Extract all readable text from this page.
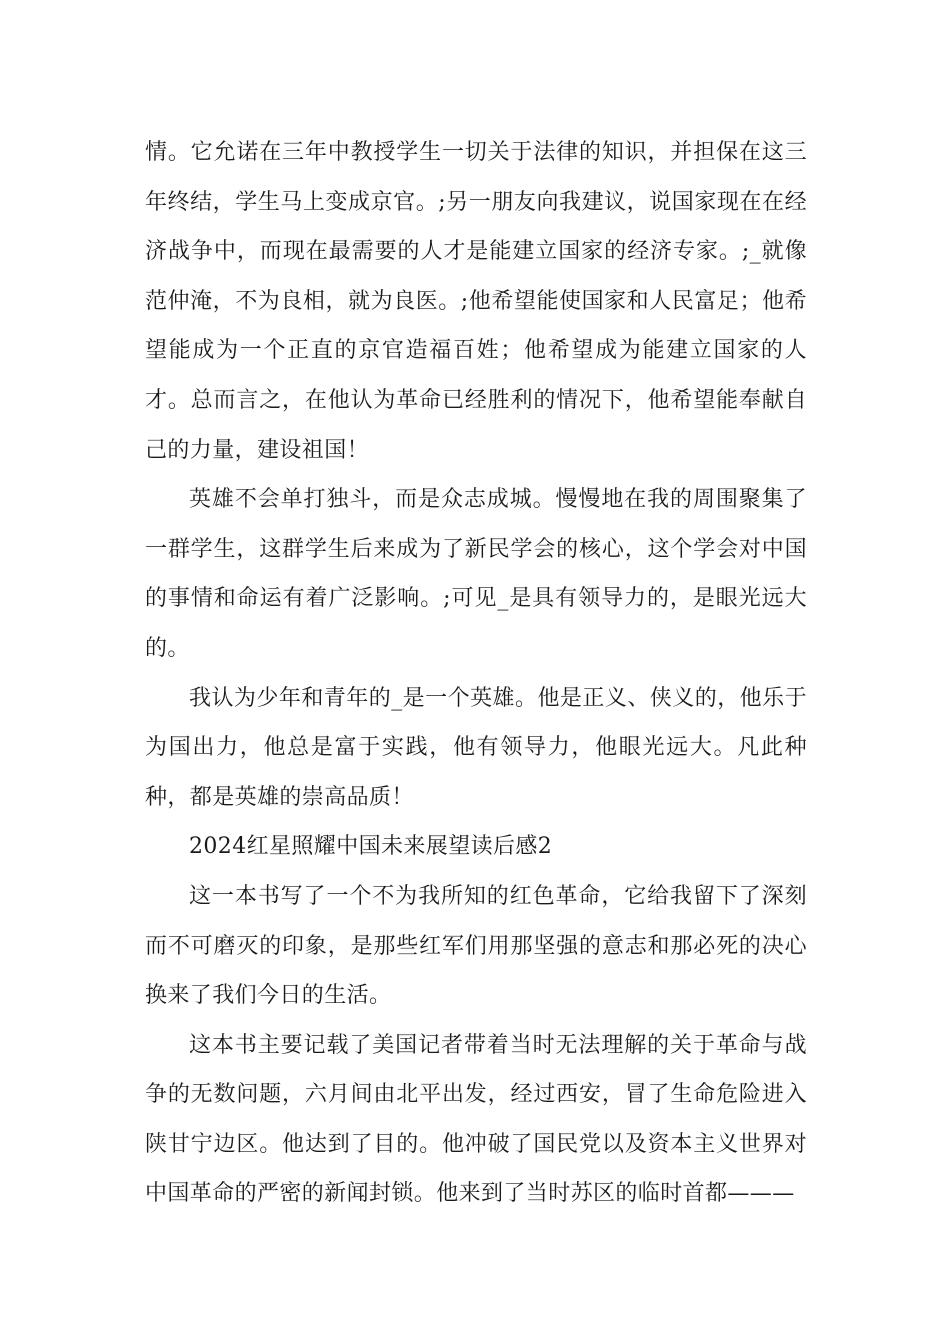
情。它允诺在三年中教授学生一切关于法律的知识，并担保在这三年终结，学生马上变成京官。;另一朋友向我建议，说国家现在在经济战争中，而现在最需要的人才是能建立国家的经济专家。;_就像范仲淹，不为良相，就为良医。;他希望能使国家和人民富足；他希望能成为一个正直的京官造福百姓；他希望成为能建立国家的人才。总而言之，在他认为革命已经胜利的情况下，他希望能奉献自己的力量，建设祖国！

英雄不会单打独斗，而是众志成城。慢慢地在我的周围聚集了一群学生，这群学生后来成为了新民学会的核心，这个学会对中国的事情和命运有着广泛影响。;可见_是具有领导力的，是眼光远大的。

我认为少年和青年的_是一个英雄。他是正义、侠义的，他乐于为国出力，他总是富于实践，他有领导力，他眼光远大。凡此种种，都是英雄的崇高品质！

2024红星照耀中国未来展望读后感2

这一本书写了一个不为我所知的红色革命，它给我留下了深刻而不可磨灭的印象，是那些红军们用那坚强的意志和那必死的决心换来了我们今日的生活。

这本书主要记载了美国记者带着当时无法理解的关于革命与战争的无数问题，六月间由北平出发，经过西安，冒了生命危险进入陕甘宁边区。他达到了目的。他冲破了国民党以及资本主义世界对中国革命的严密的新闻封锁。他来到了当时苏区的临时首都———
